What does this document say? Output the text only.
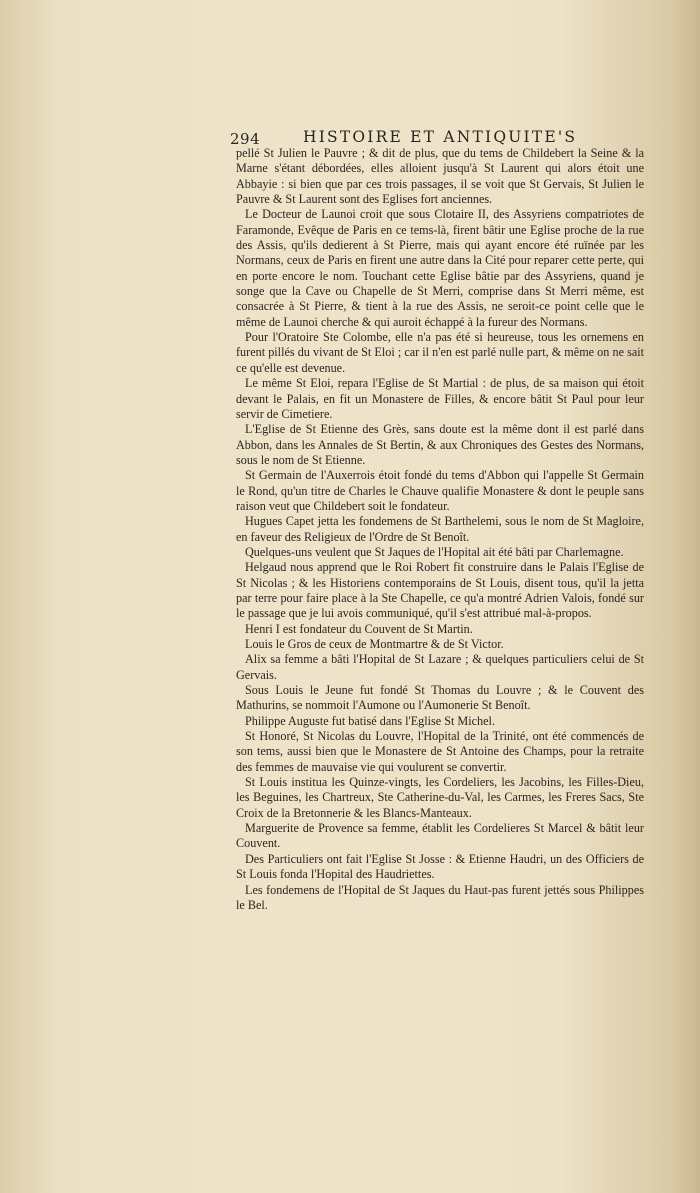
294	HISTOIRE ET ANTIQUITE'S

pellé St Julien le Pauvre ; & dit de plus, que du tems de Childebert la Seine & la Marne s'étant débordées, elles alloient jusqu'à St Laurent qui alors étoit une Abbayie : si bien que par ces trois passages, il se voit que St Gervais, St Julien le Pauvre & St Laurent sont des Eglises fort anciennes.

Le Docteur de Launoi croit que sous Clotaire II, des Assyriens compatriotes de Faramonde, Evêque de Paris en ce tems-là, firent bâtir une Eglise proche de la rue des Assis, qu'ils dedierent à St Pierre, mais qui ayant encore été ruïnée par les Normans, ceux de Paris en firent une autre dans la Cité pour reparer cette perte, qui en porte encore le nom. Touchant cette Eglise bâtie par des Assyriens, quand je songe que la Cave ou Chapelle de St Merri, comprise dans St Merri même, est consacrée à St Pierre, & tient à la rue des Assis, ne seroit-ce point celle que le même de Launoi cherche & qui auroit échappé à la fureur des Normans.

Pour l'Oratoire Ste Colombe, elle n'a pas été si heureuse, tous les ornemens en furent pillés du vivant de St Eloi ; car il n'en est parlé nulle part, & même on ne sait ce qu'elle est devenue.

Le même St Eloi, repara l'Eglise de St Martial : de plus, de sa maison qui étoit devant le Palais, en fit un Monastere de Filles, & encore bâtit St Paul pour leur servir de Cimetiere.

L'Eglise de St Etienne des Grès, sans doute est la même dont il est parlé dans Abbon, dans les Annales de St Bertin, & aux Chroniques des Gestes des Normans, sous le nom de St Etienne.

St Germain de l'Auxerrois étoit fondé du tems d'Abbon qui l'appelle St Germain le Rond, qu'un titre de Charles le Chauve qualifie Monastere & dont le peuple sans raison veut que Childebert soit le fondateur.

Hugues Capet jetta les fondemens de St Barthelemi, sous le nom de St Magloire, en faveur des Religieux de l'Ordre de St Benoît.

Quelques-uns veulent que St Jaques de l'Hopital ait été bâti par Charlemagne.

Helgaud nous apprend que le Roi Robert fit construire dans le Palais l'Eglise de St Nicolas ; & les Historiens contemporains de St Louis, disent tous, qu'il la jetta par terre pour faire place à la Ste Chapelle, ce qu'a montré Adrien Valois, fondé sur le passage que je lui avois communiqué, qu'il s'est attribué mal-à-propos.

Henri I est fondateur du Couvent de St Martin.

Louis le Gros de ceux de Montmartre & de St Victor.

Alix sa femme a bâti l'Hopital de St Lazare ; & quelques particuliers celui de St Gervais.

Sous Louis le Jeune fut fondé St Thomas du Louvre ; & le Couvent des Mathurins, se nommoit l'Aumone ou l'Aumonerie St Benoît.

Philippe Auguste fut batisé dans l'Eglise St Michel.

St Honoré, St Nicolas du Louvre, l'Hopital de la Trinité, ont été commencés de son tems, aussi bien que le Monastere de St Antoine des Champs, pour la retraite des femmes de mauvaise vie qui voulurent se convertir.

St Louis institua les Quinze-vingts, les Cordeliers, les Jacobins, les Filles-Dieu, les Beguines, les Chartreux, Ste Catherine-du-Val, les Carmes, les Freres Sacs, Ste Croix de la Bretonnerie & les Blancs-Manteaux.

Marguerite de Provence sa femme, établit les Cordelieres St Marcel & bâtit leur Couvent.

Des Particuliers ont fait l'Eglise St Josse : & Etienne Haudri, un des Officiers de St Louis fonda l'Hopital des Haudriettes.

Les fondemens de l'Hopital de St Jaques du Haut-pas furent jettés sous Philippes le Bel.
